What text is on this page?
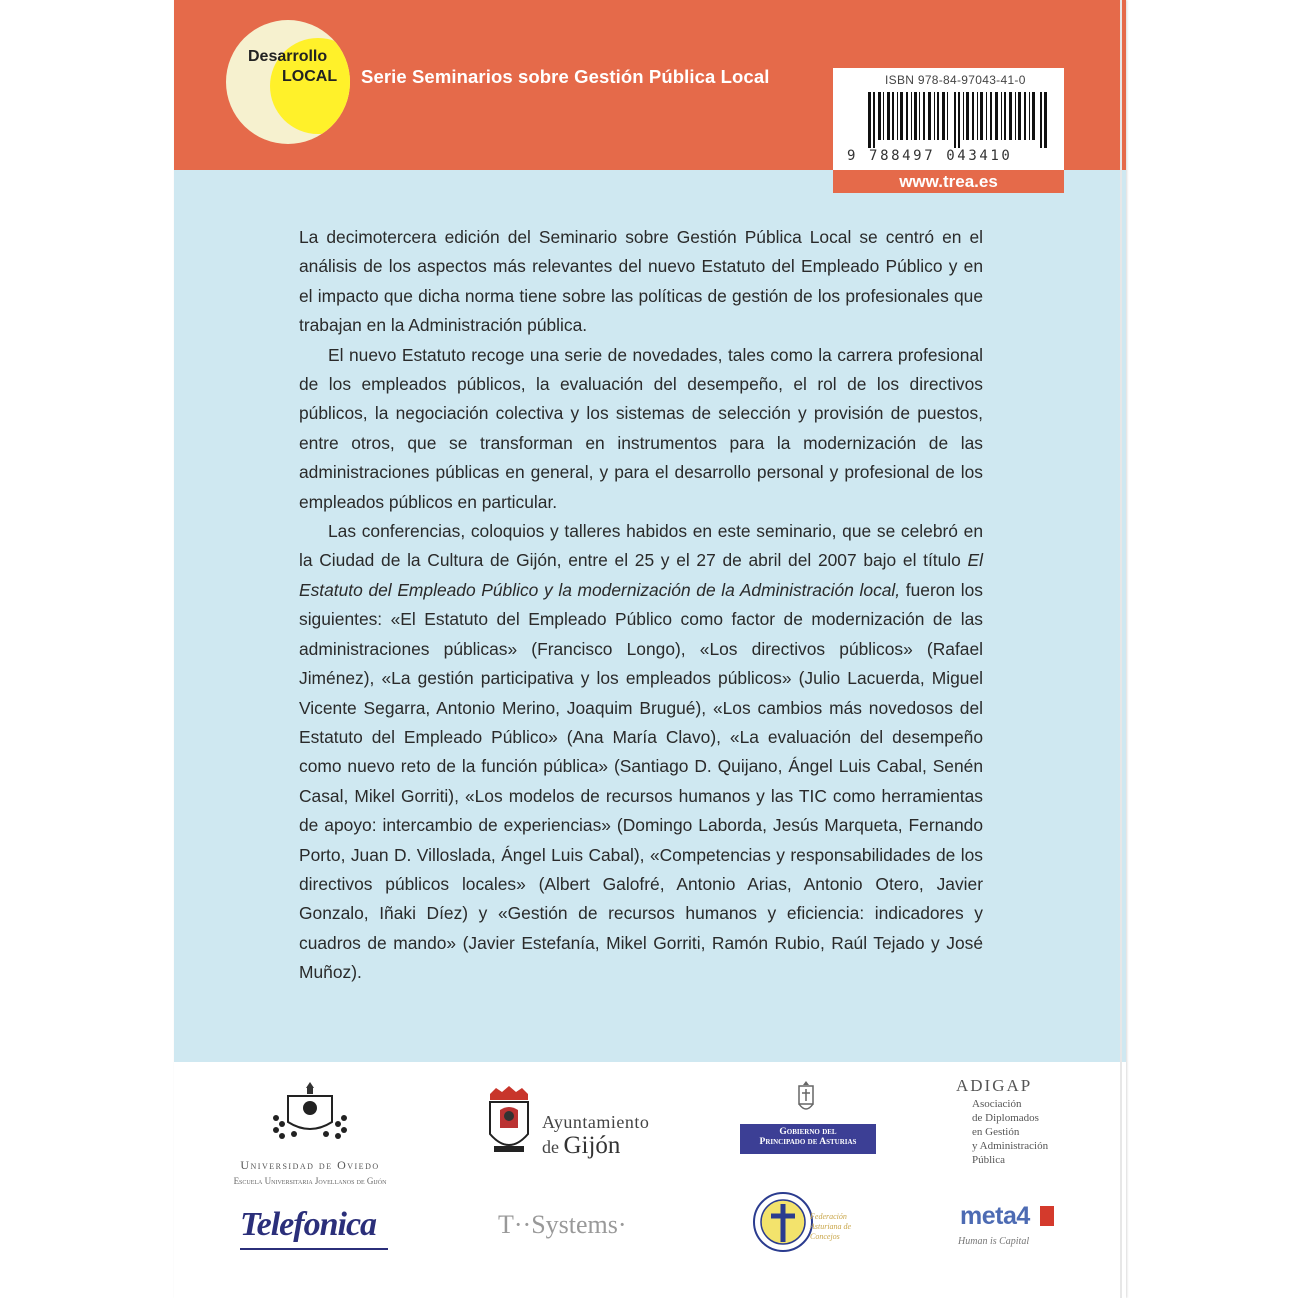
Desarrollo
LOCAL Serie Seminarios sobre Gestión Pública Local	ISBN 978-84-97043-41-0
9 788497 043410
www.trea.es

La decimotercera edición del Seminario sobre Gestión Pública Local se centró en el análisis de los aspectos más relevantes del nuevo Estatuto del Empleado Público y en el impacto que dicha norma tiene sobre las políticas de gestión de los profesionales que trabajan en la Administración pública.

El nuevo Estatuto recoge una serie de novedades, tales como la carrera profesional de los empleados públicos, la evaluación del desempeño, el rol de los directivos públicos, la negociación colectiva y los sistemas de selección y provisión de puestos, entre otros, que se transforman en instrumentos para la modernización de las administraciones públicas en general, y para el desarrollo personal y profesional de los empleados públicos en particular.

Las conferencias, coloquios y talleres habidos en este seminario, que se celebró en la Ciudad de la Cultura de Gijón, entre el 25 y el 27 de abril del 2007 bajo el título El Estatuto del Empleado Público y la modernización de la Administración local, fueron los siguientes: «El Estatuto del Empleado Público como factor de modernización de las administraciones públicas» (Francisco Longo), «Los directivos públicos» (Rafael Jiménez), «La gestión participativa y los empleados públicos» (Julio Lacuerda, Miguel Vicente Segarra, Antonio Merino, Joaquim Brugué), «Los cambios más novedosos del Estatuto del Empleado Público» (Ana María Clavo), «La evaluación del desempeño como nuevo reto de la función pública» (Santiago D. Quijano, Ángel Luis Cabal, Senén Casal, Mikel Gorriti), «Los modelos de recursos humanos y las TIC como herramientas de apoyo: intercambio de experiencias» (Domingo Laborda, Jesús Marqueta, Fernando Porto, Juan D. Villoslada, Ángel Luis Cabal), «Competencias y responsabilidades de los directivos públicos locales» (Albert Galofré, Antonio Arias, Antonio Otero, Javier Gonzalo, Iñaki Díez) y «Gestión de recursos humanos y eficiencia: indicadores y cuadros de mando» (Javier Estefanía, Mikel Gorriti, Ramón Rubio, Raúl Tejado y José Muñoz).

Universidad de Oviedo
Escuela Universitaria Jovellanos de Gijón
Ayuntamiento
de Gijón	Gobierno del
Principado de Asturias
ADIGAP
Asociación
de Diplomados
en Gestión
y Administración
Pública
Telefonica	T··Systems·	Federación Asturiana de Concejos
meta4
Human is Capital
